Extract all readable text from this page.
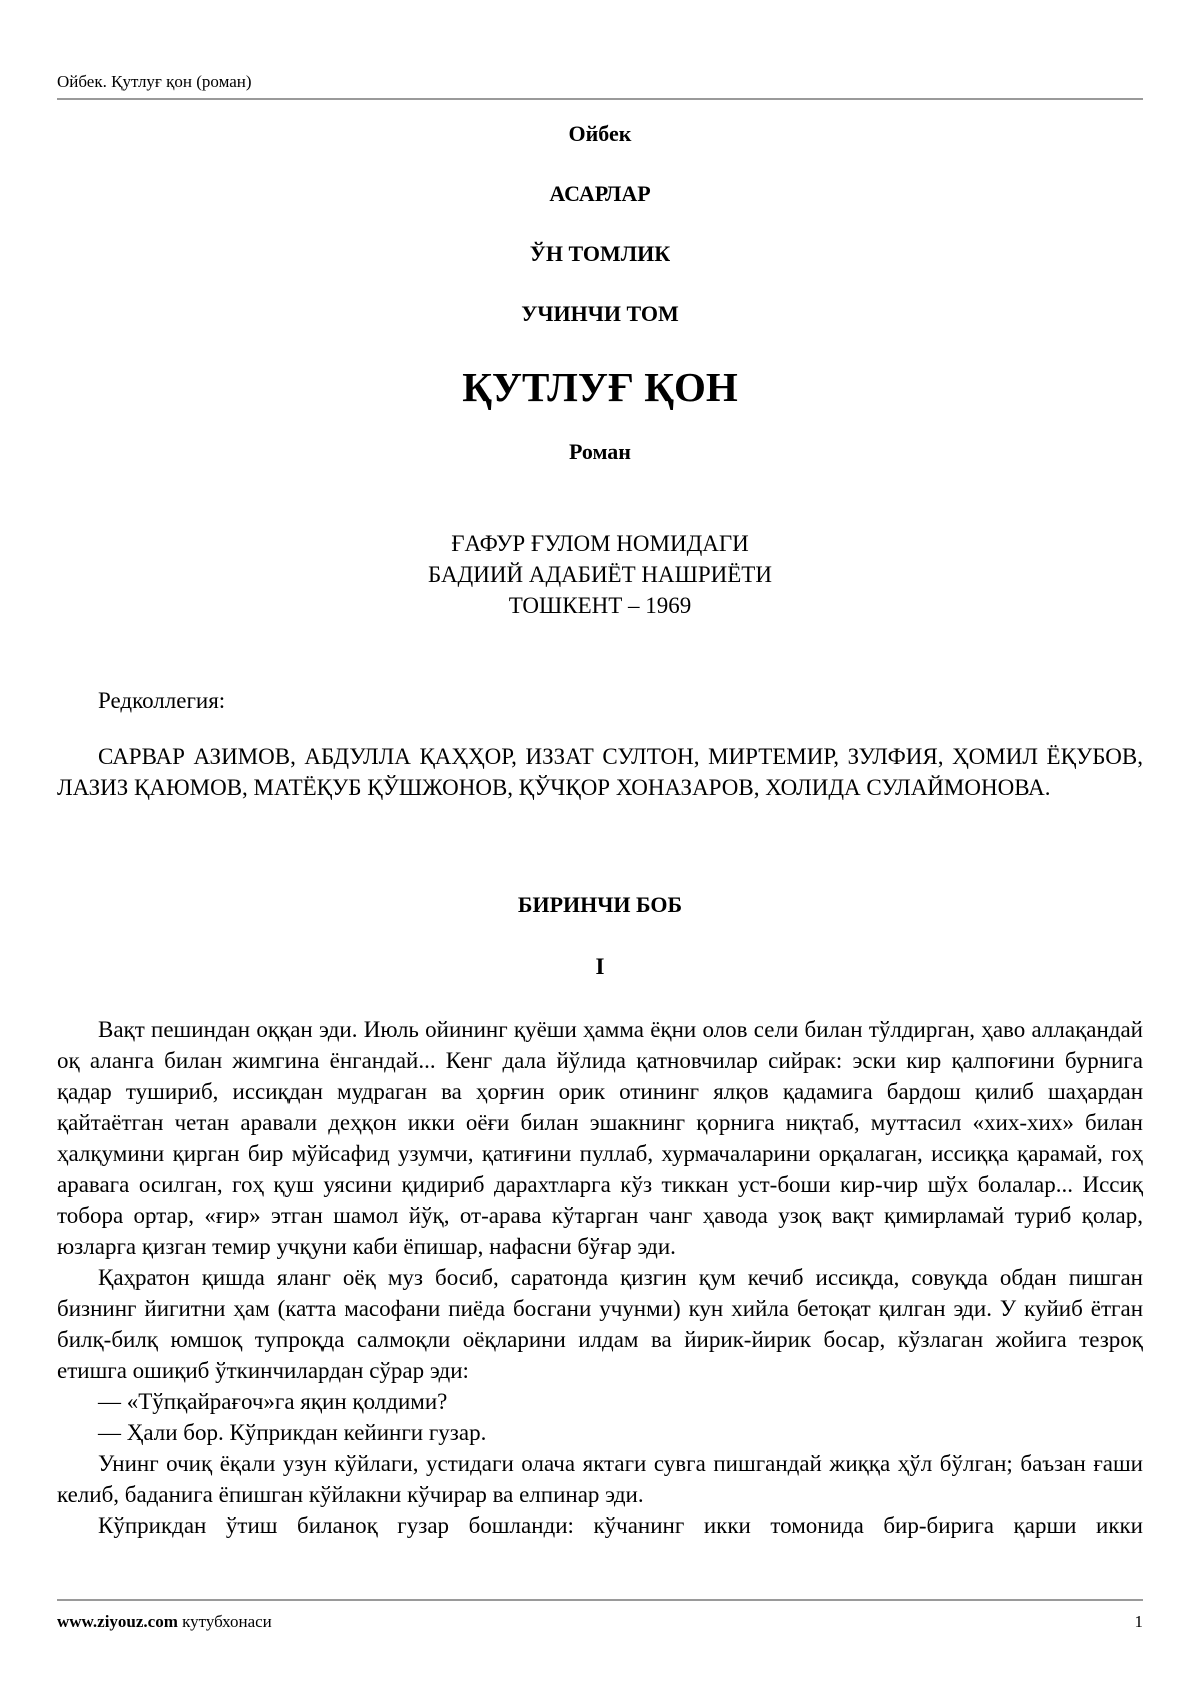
Ойбек. Қутлуғ қон (роман)
Ойбек
АСАРЛАР
ЎН ТОМЛИК
УЧИНЧИ ТОМ
ҚУТЛУҒ ҚОН
Роман
ҒАФУР ҒУЛОМ НОМИДАГИ
БАДИИЙ АДАБИЁТ НАШРИЁТИ
ТОШКЕНТ – 1969

Редколлегия:

САРВАР АЗИМОВ, АБДУЛЛА ҚАҲҲОР, ИЗЗАТ СУЛТОН, МИРТЕМИР, ЗУЛФИЯ, ҲОМИЛ ЁҚУБОВ, ЛАЗИЗ ҚАЮМОВ, МАТЁҚУБ ҚЎШЖОНОВ, ҚЎЧҚОР ХОНАЗАРОВ, ХОЛИДА СУЛАЙМОНОВА.

БИРИНЧИ БОБ
I

Вақт пешиндан оққан эди. Июль ойининг қуёши ҳамма ёқни олов сели билан тўлдирган, ҳаво аллақандай оқ аланга билан жимгина ёнгандай... Кенг дала йўлида қатновчилар сийрак: эски кир қалпоғини бурнига қадар тушириб, иссиқдан мудраган ва ҳорғин орик отининг ялқов қадамига бардош қилиб шаҳардан қайтаётган четан аравали деҳқон икки оёғи билан эшакнинг қорнига ниқтаб, муттасил «хих-хих» билан ҳалқумини қирган бир мўйсафид узумчи, қатиғини пуллаб, хурмачаларини орқалаган, иссиққа қарамай, гоҳ аравага осилган, гоҳ қуш уясини қидириб дарахтларга кўз тиккан уст-боши кир-чир шўх болалар... Иссиқ тобора ортар, «ғир» этган шамол йўқ, от-арава кўтарган чанг ҳавода узоқ вақт қимирламай туриб қолар, юзларга қизган темир учқуни каби ёпишар, нафасни бўғар эди.

Қаҳратон қишда яланг оёқ муз босиб, саратонда қизгин қум кечиб иссиқда, совуқда обдан пишган бизнинг йигитни ҳам (катта масофани пиёда босгани учунми) кун хийла бетоқат қилган эди. У куйиб ётган билқ-билқ юмшоқ тупроқда салмоқли оёқларини илдам ва йирик-йирик босар, кўзлаган жойига тезроқ етишга ошиқиб ўткинчилардан сўрар эди:

— «Тўпқайрағоч»га яқин қолдими?

— Ҳали бор. Кўприкдан кейинги гузар.

Унинг очиқ ёқали узун кўйлаги, устидаги олача яктаги сувга пишгандай жиққа ҳўл бўлган; баъзан ғаши келиб, баданига ёпишган кўйлакни кўчирар ва елпинар эди.

Кўприкдан ўтиш биланоқ гузар бошланди: кўчанинг икки томонида бир-бирига қарши икки

www.ziyouz.com кутубхонаси	1
